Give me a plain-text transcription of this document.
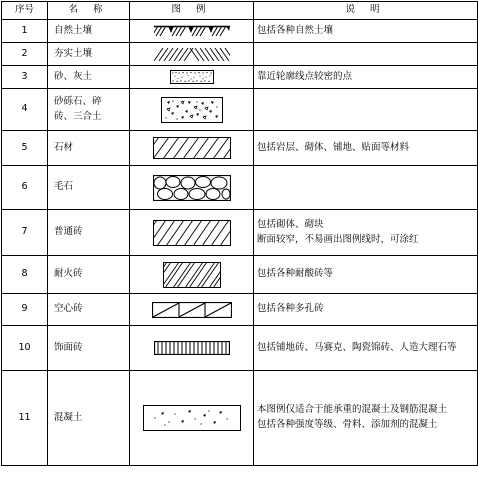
序号	名 称	图 例	说 明
1	自然土壤		包括各种自然土壤

2	夯实土壤

3	砂、灰土		靠近轮廓线点较密的点

4	砂砾石、碎
砖、三合土

5	石材		包括岩层、砌体、铺地、贴面等材料

6	毛石

7	普通砖		包括砌体、砌块
断面较窄，不易画出图例线时，可涂红

8	耐火砖		包括各种耐酸砖等

9	空心砖		包括各种多孔砖

10	饰面砖		包括铺地砖、马赛克、陶瓷锦砖、人造大理石等

11	混凝土		本图例仅适合于能承重的混凝土及钢筋混凝土
包括各种强度等级、骨料、添加剂的混凝土
